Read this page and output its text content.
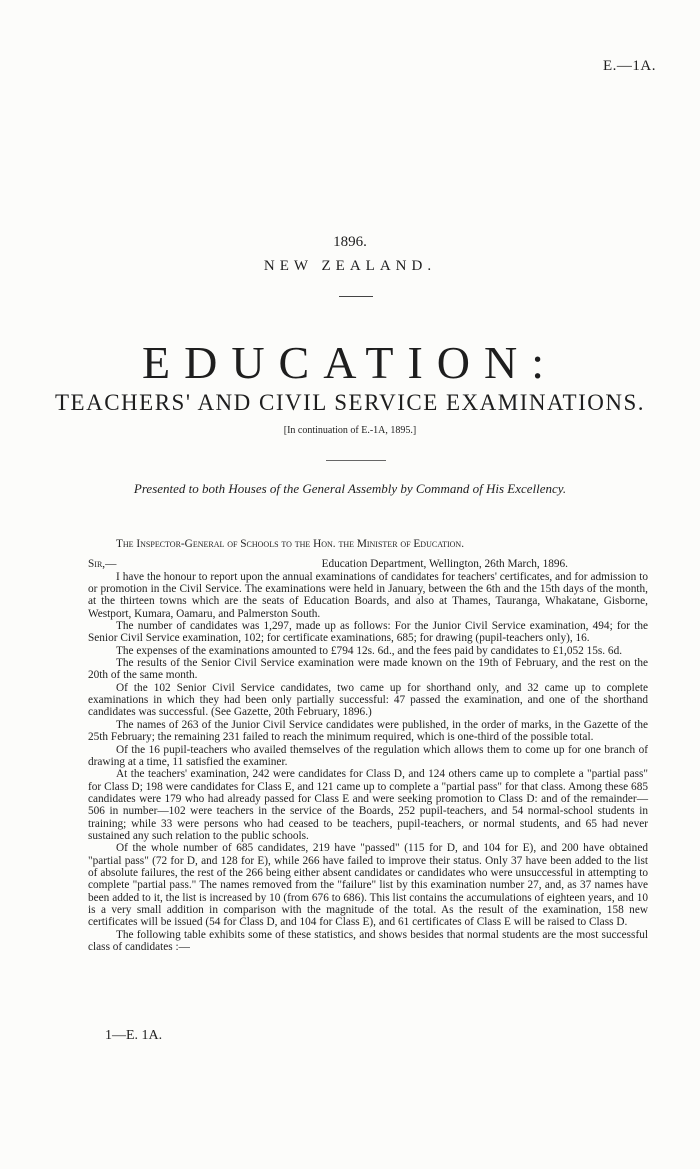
E.—1A.
1896.
NEW ZEALAND.
EDUCATION:
TEACHERS' AND CIVIL SERVICE EXAMINATIONS.
[In continuation of E.-1A, 1895.]
Presented to both Houses of the General Assembly by Command of His Excellency.

The Inspector-General of Schools to the Hon. the Minister of Education.

Sir,—	Education Department, Wellington, 26th March, 1896.

I have the honour to report upon the annual examinations of candidates for teachers' certificates, and for admission to or promotion in the Civil Service. The examinations were held in January, between the 6th and the 15th days of the month, at the thirteen towns which are the seats of Education Boards, and also at Thames, Tauranga, Whakatane, Gisborne, Westport, Kumara, Oamaru, and Palmerston South.

The number of candidates was 1,297, made up as follows: For the Junior Civil Service examination, 494; for the Senior Civil Service examination, 102; for certificate examinations, 685; for drawing (pupil-teachers only), 16.

The expenses of the examinations amounted to £794 12s. 6d., and the fees paid by candidates to £1,052 15s. 6d.

The results of the Senior Civil Service examination were made known on the 19th of February, and the rest on the 20th of the same month.

Of the 102 Senior Civil Service candidates, two came up for shorthand only, and 32 came up to complete examinations in which they had been only partially successful: 47 passed the examination, and one of the shorthand candidates was successful. (See Gazette, 20th February, 1896.)

The names of 263 of the Junior Civil Service candidates were published, in the order of marks, in the Gazette of the 25th February; the remaining 231 failed to reach the minimum required, which is one-third of the possible total.

Of the 16 pupil-teachers who availed themselves of the regulation which allows them to come up for one branch of drawing at a time, 11 satisfied the examiner.

At the teachers' examination, 242 were candidates for Class D, and 124 others came up to complete a "partial pass" for Class D; 198 were candidates for Class E, and 121 came up to complete a "partial pass" for that class. Among these 685 candidates were 179 who had already passed for Class E and were seeking promotion to Class D: and of the remainder—506 in number—102 were teachers in the service of the Boards, 252 pupil-teachers, and 54 normal-school students in training; while 33 were persons who had ceased to be teachers, pupil-teachers, or normal students, and 65 had never sustained any such relation to the public schools.

Of the whole number of 685 candidates, 219 have "passed" (115 for D, and 104 for E), and 200 have obtained "partial pass" (72 for D, and 128 for E), while 266 have failed to improve their status. Only 37 have been added to the list of absolute failures, the rest of the 266 being either absent candidates or candidates who were unsuccessful in attempting to complete "partial pass." The names removed from the "failure" list by this examination number 27, and, as 37 names have been added to it, the list is increased by 10 (from 676 to 686). This list contains the accumulations of eighteen years, and 10 is a very small addition in comparison with the magnitude of the total. As the result of the examination, 158 new certificates will be issued (54 for Class D, and 104 for Class E), and 61 certificates of Class E will be raised to Class D.

The following table exhibits some of these statistics, and shows besides that normal students are the most successful class of candidates :—

1—E. 1A.
